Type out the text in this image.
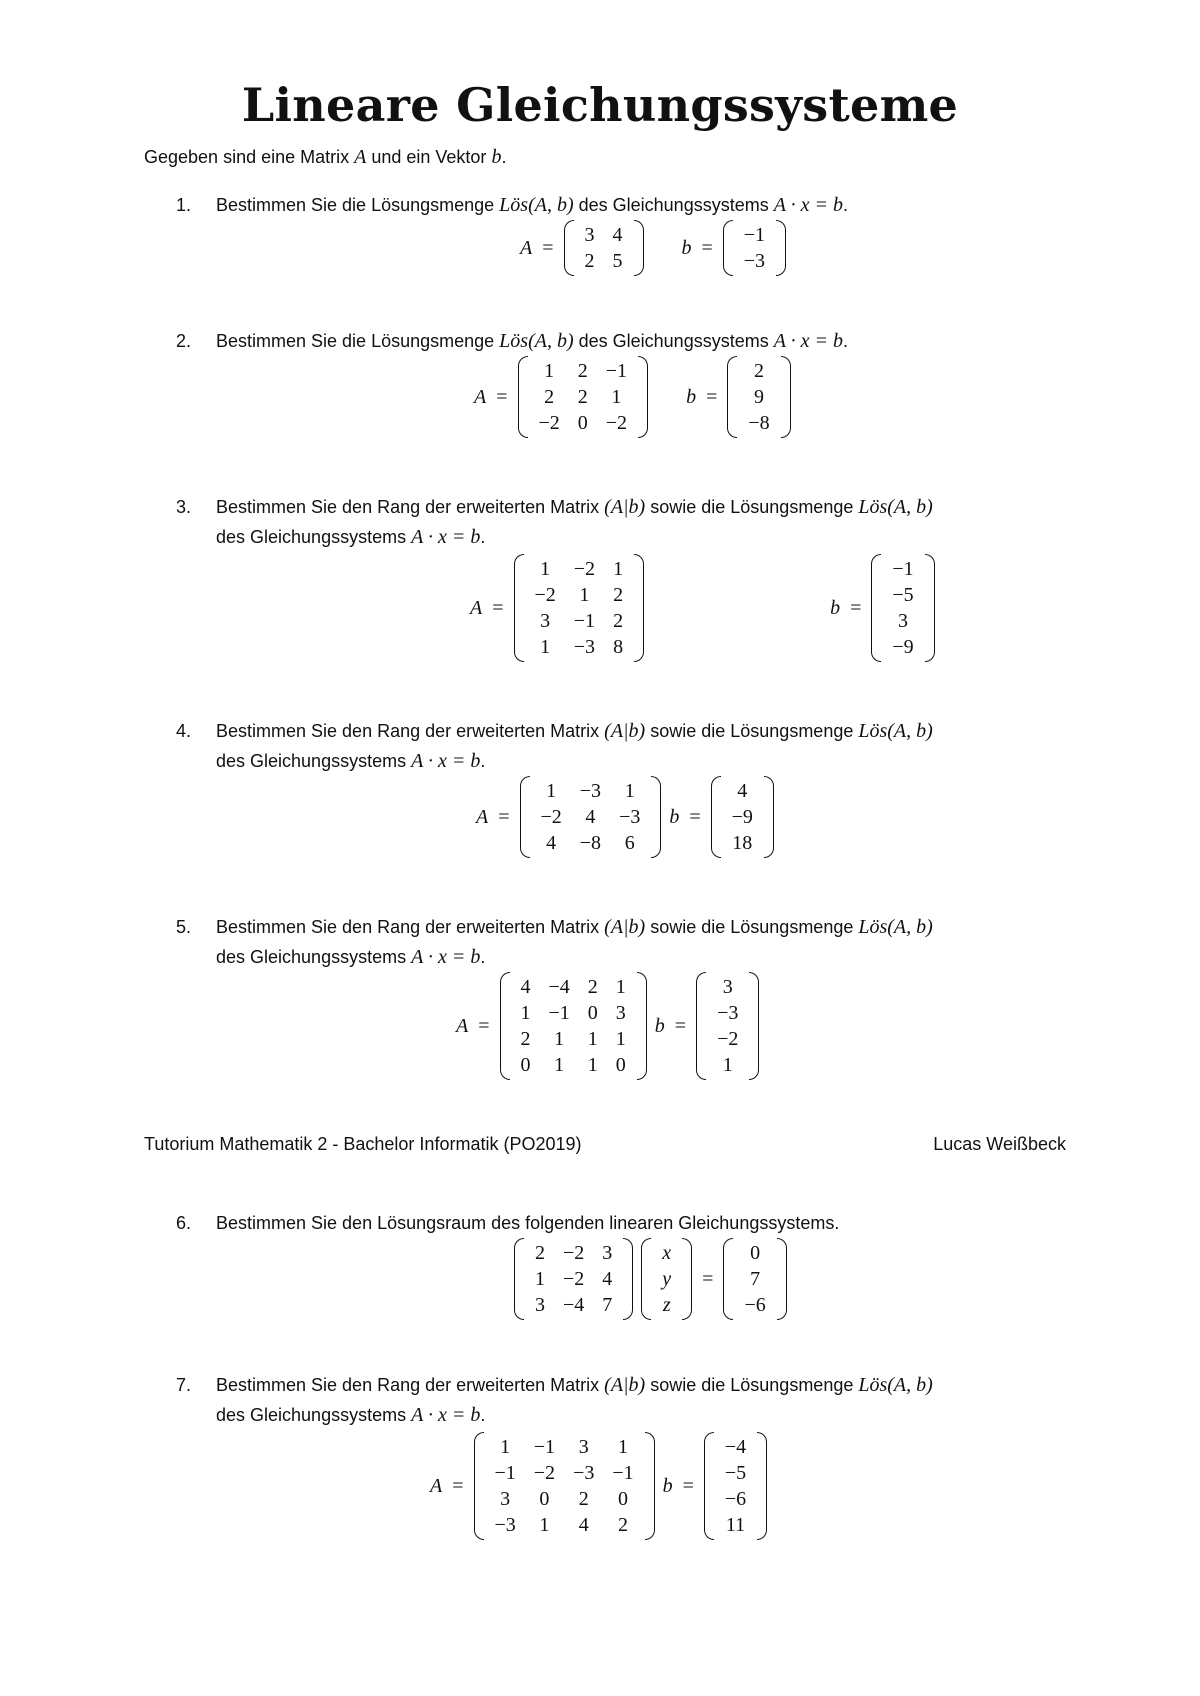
Lineare Gleichungssysteme
Gegeben sind eine Matrix A und ein Vektor b.
1. Bestimmen Sie die Lösungsmenge Lös(A, b) des Gleichungssystems A · x = b.
A =
3	4
2	5
b =
−1
−3
2. Bestimmen Sie die Lösungsmenge Lös(A, b) des Gleichungssystems A · x = b.
A =
1	2	−1
2	2	1
−2	0	−2
b =
2
9
−8
3. Bestimmen Sie den Rang der erweiterten Matrix (A|b) sowie die Lösungsmenge Lös(A, b)
des Gleichungssystems A · x = b.
A =
1	−2	1
−2	1	2
3	−1	2
1	−3	8
b =
−1
−5
3
−9
4. Bestimmen Sie den Rang der erweiterten Matrix (A|b) sowie die Lösungsmenge Lös(A, b)
des Gleichungssystems A · x = b.
A =
1	−3	1
−2	4	−3
4	−8	6
b =
4
−9
18
5. Bestimmen Sie den Rang der erweiterten Matrix (A|b) sowie die Lösungsmenge Lös(A, b)
des Gleichungssystems A · x = b.
A =
4	−4	2	1
1	−1	0	3
2	1	1	1
0	1	1	0
b =
3
−3
−2
1
Tutorium Mathematik 2 - Bachelor Informatik (PO2019)	Lucas Weißbeck
6. Bestimmen Sie den Lösungsraum des folgenden linearen Gleichungssystems.
2	−2	3
1	−2	4
3	−4	7
x
y
z
=
0
7
−6
7. Bestimmen Sie den Rang der erweiterten Matrix (A|b) sowie die Lösungsmenge Lös(A, b)
des Gleichungssystems A · x = b.
A =
1	−1	3	1
−1	−2	−3	−1
3	0	2	0
−3	1	4	2
b =
−4
−5
−6
11
